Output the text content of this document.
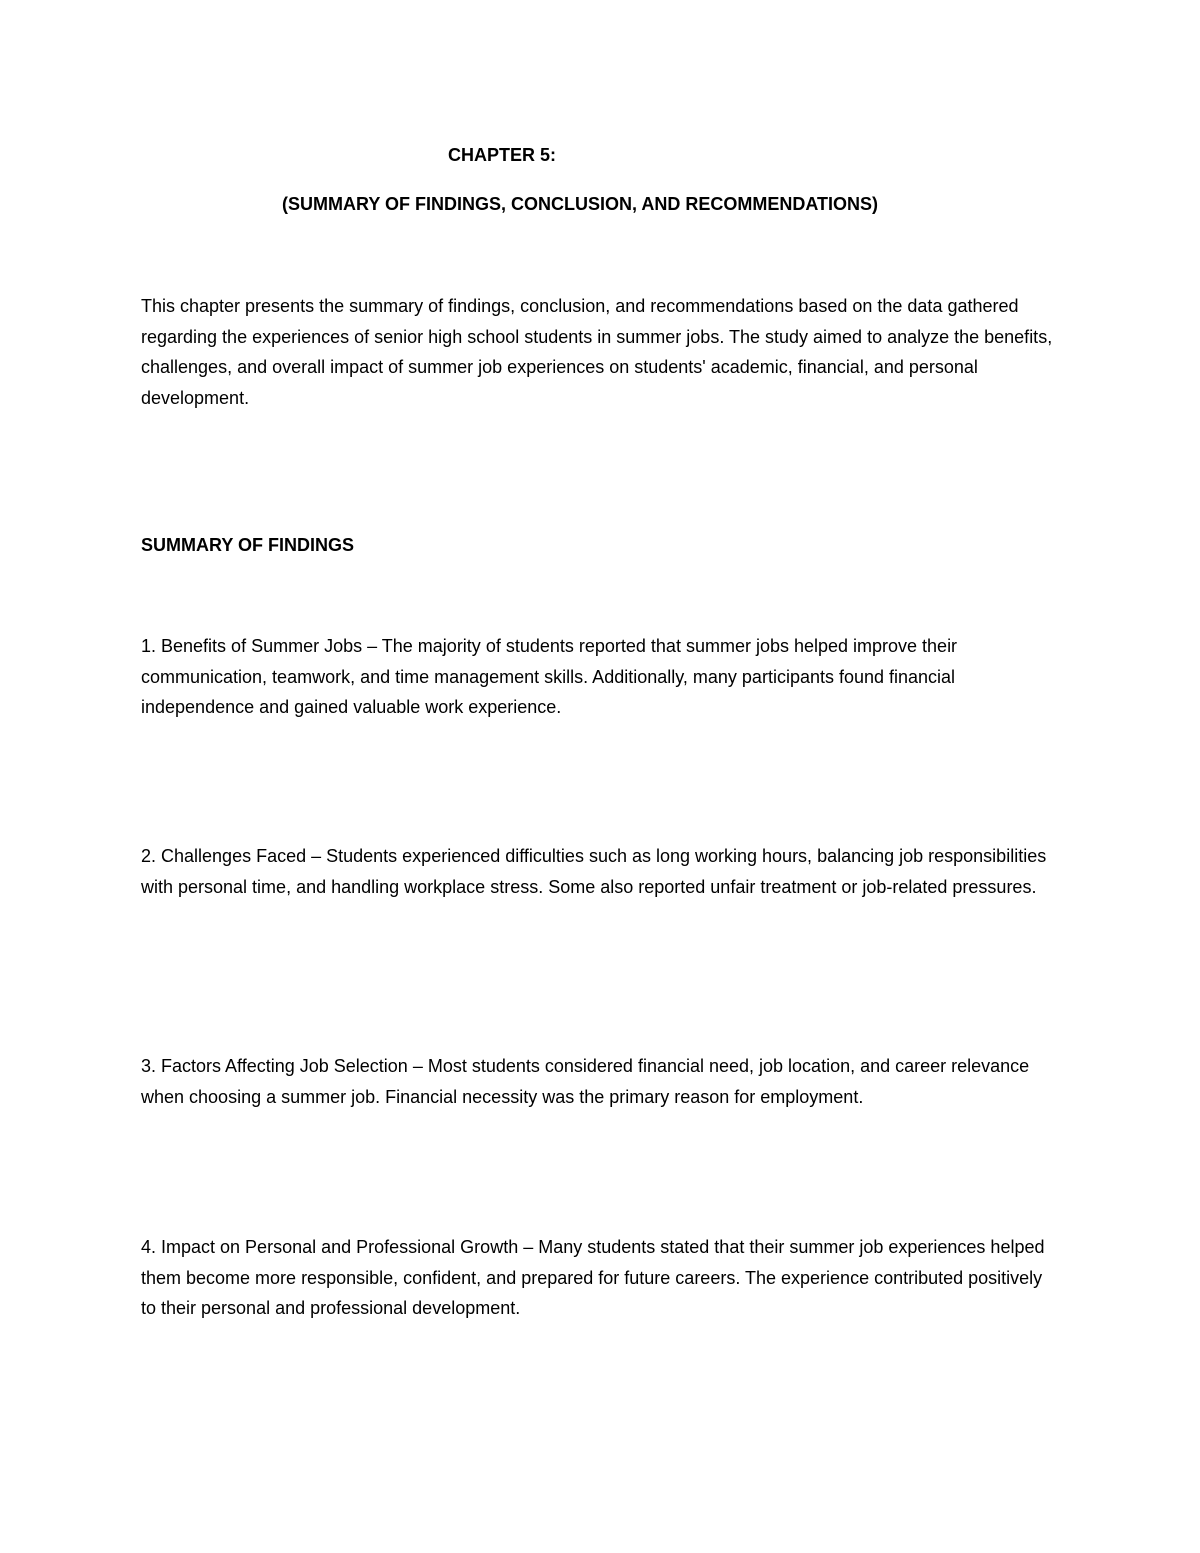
CHAPTER 5:
(SUMMARY OF FINDINGS, CONCLUSION, AND RECOMMENDATIONS)

This chapter presents the summary of findings, conclusion, and recommendations based on the data gathered regarding the experiences of senior high school students in summer jobs. The study aimed to analyze the benefits, challenges, and overall impact of summer job experiences on students' academic, financial, and personal development.

SUMMARY OF FINDINGS

1. Benefits of Summer Jobs – The majority of students reported that summer jobs helped improve their communication, teamwork, and time management skills. Additionally, many participants found financial independence and gained valuable work experience.

2. Challenges Faced – Students experienced difficulties such as long working hours, balancing job responsibilities with personal time, and handling workplace stress. Some also reported unfair treatment or job-related pressures.

3. Factors Affecting Job Selection – Most students considered financial need, job location, and career relevance when choosing a summer job. Financial necessity was the primary reason for employment.

4. Impact on Personal and Professional Growth – Many students stated that their summer job experiences helped them become more responsible, confident, and prepared for future careers. The experience contributed positively to their personal and professional development.
